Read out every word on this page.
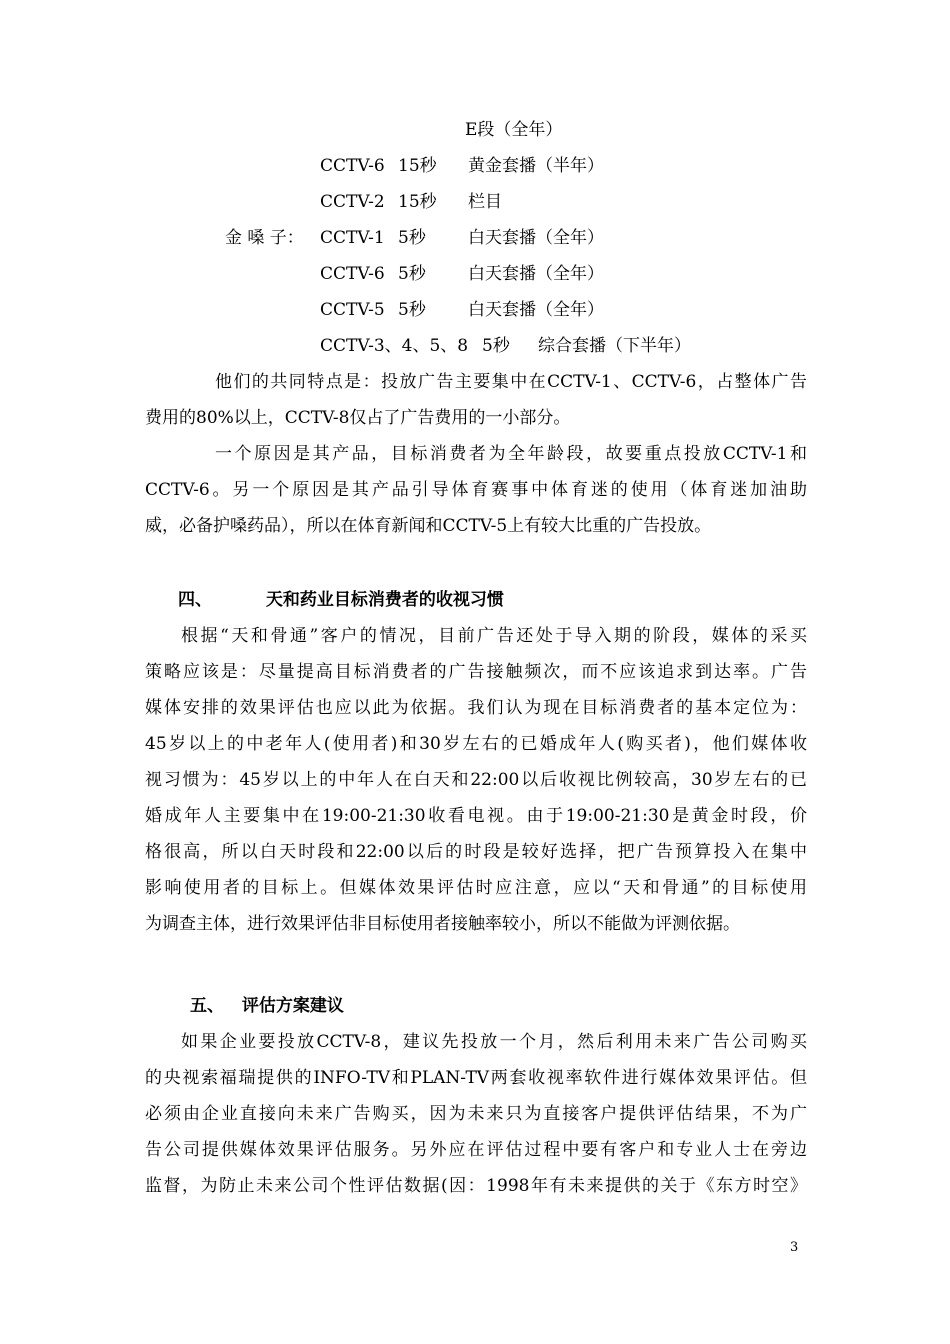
E段（全年）
CCTV-6 15秒 黄金套播（半年）
CCTV-2 15秒 栏目
金 嗓 子： CCTV-1 5秒 白天套播（全年）
CCTV-6 5秒 白天套播（全年）
CCTV-5 5秒 白天套播（全年）
CCTV-3、4、5、8 5秒 综合套播（下半年）
他们的共同特点是：投放广告主要集中在CCTV-1、CCTV-6，占整体广告
费用的80%以上，CCTV-8仅占了广告费用的一小部分。
一个原因是其产品，目标消费者为全年龄段，故要重点投放CCTV-1和
CCTV-6。另一个原因是其产品引导体育赛事中体育迷的使用（体育迷加油助
威，必备护嗓药品），所以在体育新闻和CCTV-5上有较大比重的广告投放。
四、	天和药业目标消费者的收视习惯
根据“天和骨通”客户的情况，目前广告还处于导入期的阶段，媒体的采买
策略应该是：尽量提高目标消费者的广告接触频次，而不应该追求到达率。广告
媒体安排的效果评估也应以此为依据。我们认为现在目标消费者的基本定位为：
45岁以上的中老年人(使用者)和30岁左右的已婚成年人(购买者)，他们媒体收
视习惯为：45岁以上的中年人在白天和22:00以后收视比例较高，30岁左右的已
婚成年人主要集中在19:00-21:30收看电视。由于19:00-21:30是黄金时段，价
格很高，所以白天时段和22:00以后的时段是较好选择，把广告预算投入在集中
影响使用者的目标上。但媒体效果评估时应注意，应以“天和骨通”的目标使用
为调查主体，进行效果评估非目标使用者接触率较小，所以不能做为评测依据。
五、 评估方案建议
如果企业要投放CCTV-8，建议先投放一个月，然后利用未来广告公司购买
的央视索福瑞提供的INFO-TV和PLAN-TV两套收视率软件进行媒体效果评估。但
必须由企业直接向未来广告购买，因为未来只为直接客户提供评估结果，不为广
告公司提供媒体效果评估服务。另外应在评估过程中要有客户和专业人士在旁边
监督，为防止未来公司个性评估数据(因：1998年有未来提供的关于《东方时空》
3
